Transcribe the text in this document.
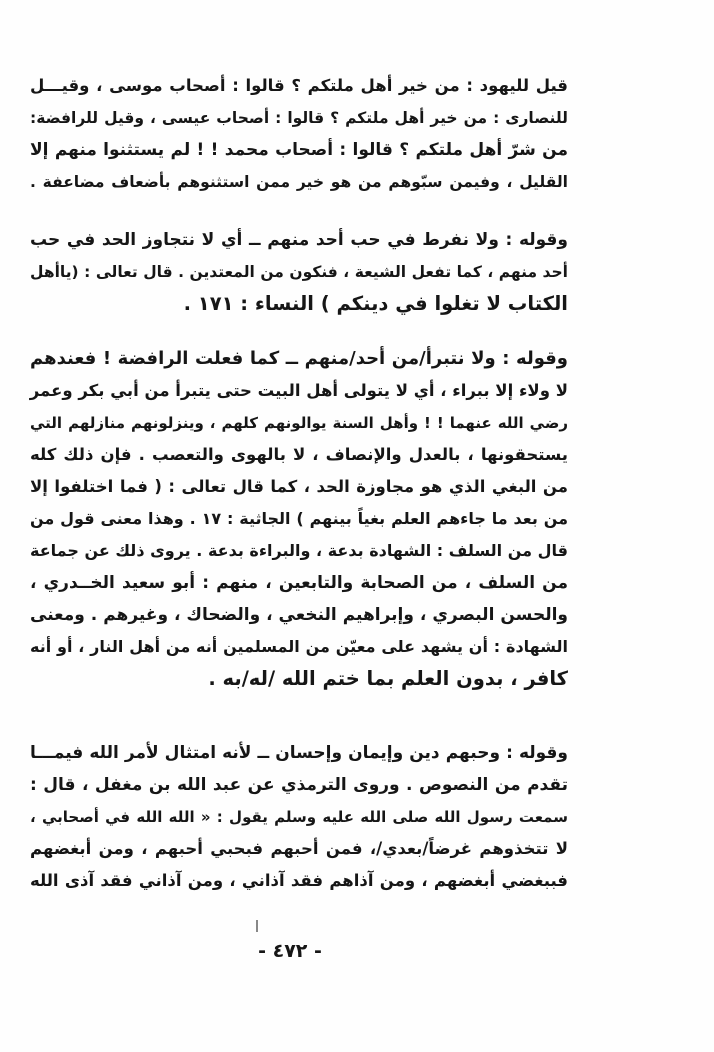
قيل لليهود : من خير أهل ملتكم ؟ قالوا : أصحاب موسى ، وقيـــل
للنصارى : من خير أهل ملتكم ؟ قالوا : أصحاب عيسى ، وقيل للرافضة:
من شرّ أهل ملتكم ؟ قالوا : أصحاب محمد ! ! لم يستثنوا منهم إلا
القليل ، وفيمن سبّوهم من هو خير ممن استثنوهم بأضعاف مضاعفة .
وقوله : ولا نفرط في حب أحد منهم ــ أي لا نتجاوز الحد في حب
أحد منهم ، كما تفعل الشيعة ، فنكون من المعتدين . قال تعالى : (ياأهل
الكتاب لا تغلوا في دينكم ) النساء : ١٧١ .
وقوله : ولا نتبرأ/من أحد/منهم ــ كما فعلت الرافضة ! فعندهم
لا ولاء إلا ببراء ، أي لا يتولى أهل البيت حتى يتبرأ من أبي بكر وعمر
رضي الله عنهما ! ! وأهل السنة يوالونهم كلهم ، وينزلونهم منازلهم التي
يستحقونها ، بالعدل والإنصاف ، لا بالهوى والتعصب . فإن ذلك كله
من البغي الذي هو مجاوزة الحد ، كما قال تعالى : ( فما اختلفوا إلا
من بعد ما جاءهم العلم بغياً بينهم ) الجاثية : ١٧ . وهذا معنى قول من
قال من السلف : الشهادة بدعة ، والبراءة بدعة . يروى ذلك عن جماعة
من السلف ، من الصحابة والتابعين ، منهم : أبو سعيد الخــدري ،
والحسن البصري ، وإبراهيم النخعي ، والضحاك ، وغيرهم . ومعنى
الشهادة : أن يشهد على معيّن من المسلمين أنه من أهل النار ، أو أنه
كافر ، بدون العلم بما ختم الله /له/به .
وقوله : وحبهم دين وإيمان وإحسان ــ لأنه امتثال لأمر الله فيمـــا
تقدم من النصوص . وروى الترمذي عن عبد الله بن مغفل ، قال :
سمعت رسول الله صلى الله عليه وسلم يقول : « الله الله في أصحابي ،
لا تتخذوهم غرضاً/بعدي/، فمن أحبهم فبحبي أحبهم ، ومن أبغضهم
فببغضي أبغضهم ، ومن آذاهم فقد آذاني ، ومن آذاني فقد آذى الله
- ٤٧٢ -
